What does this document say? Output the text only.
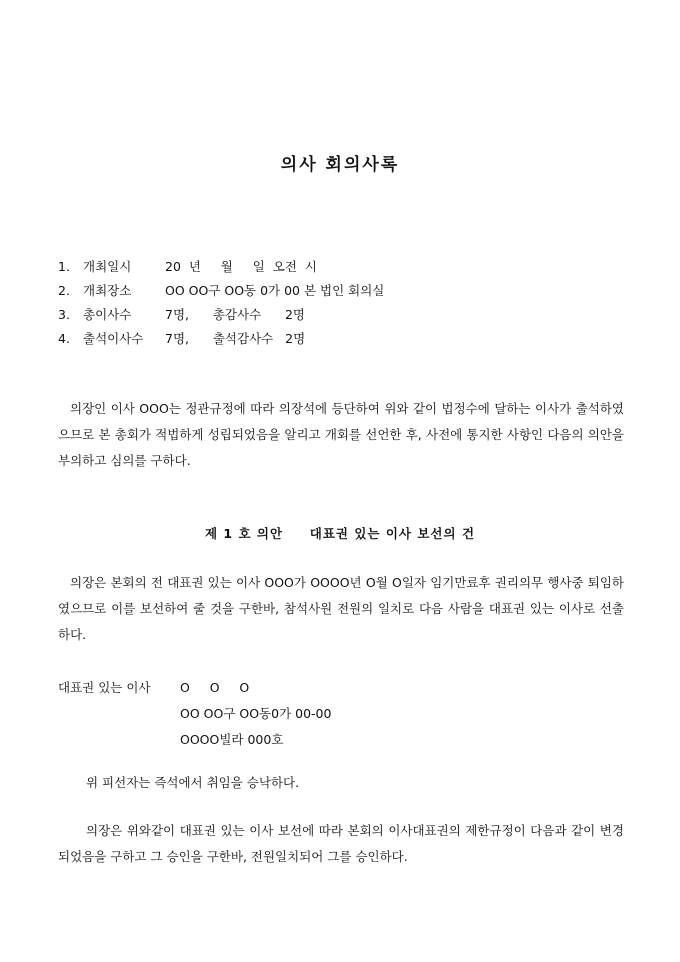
의사 회의사록
1. 개최일시	20  년     월     일  오전  시
2. 개최장소	OO OO구 OO동 0가 00 본 법인 회의실
3. 총이사수	7명,      총감사수      2명
4. 출석이사수 7명,      출석감사수   2명

의장인 이사 OOO는 정관규정에 따라 의장석에 등단하여 위와 같이 법정수에 달하는 이사가 출석하였으므로 본 총회가 적법하게 성립되었음을 알리고 개회를 선언한 후, 사전에 통지한 사항인 다음의 의안을 부의하고 심의를 구하다.

제 1 호 의안     대표권 있는 이사 보선의 건

의장은 본회의 전 대표권 있는 이사 OOO가 OOOO년 O월 O일자 임기만료후 권리의무 행사중 퇴임하였으므로 이를 보선하여 줄 것을 구한바, 참석사원 전원의 일치로 다음 사람을 대표권 있는 이사로 선출하다.

대표권 있는 이사 O     O     O
OO OO구 OO동0가 00-00
OOOO빌라 000호
위 피선자는 즉석에서 취임을 승낙하다.

의장은 위와같이 대표권 있는 이사 보선에 따라 본회의 이사대표권의 제한규정이 다음과 같이 변경되었음을 구하고 그 승인을 구한바, 전원일치되어 그를 승인하다.
